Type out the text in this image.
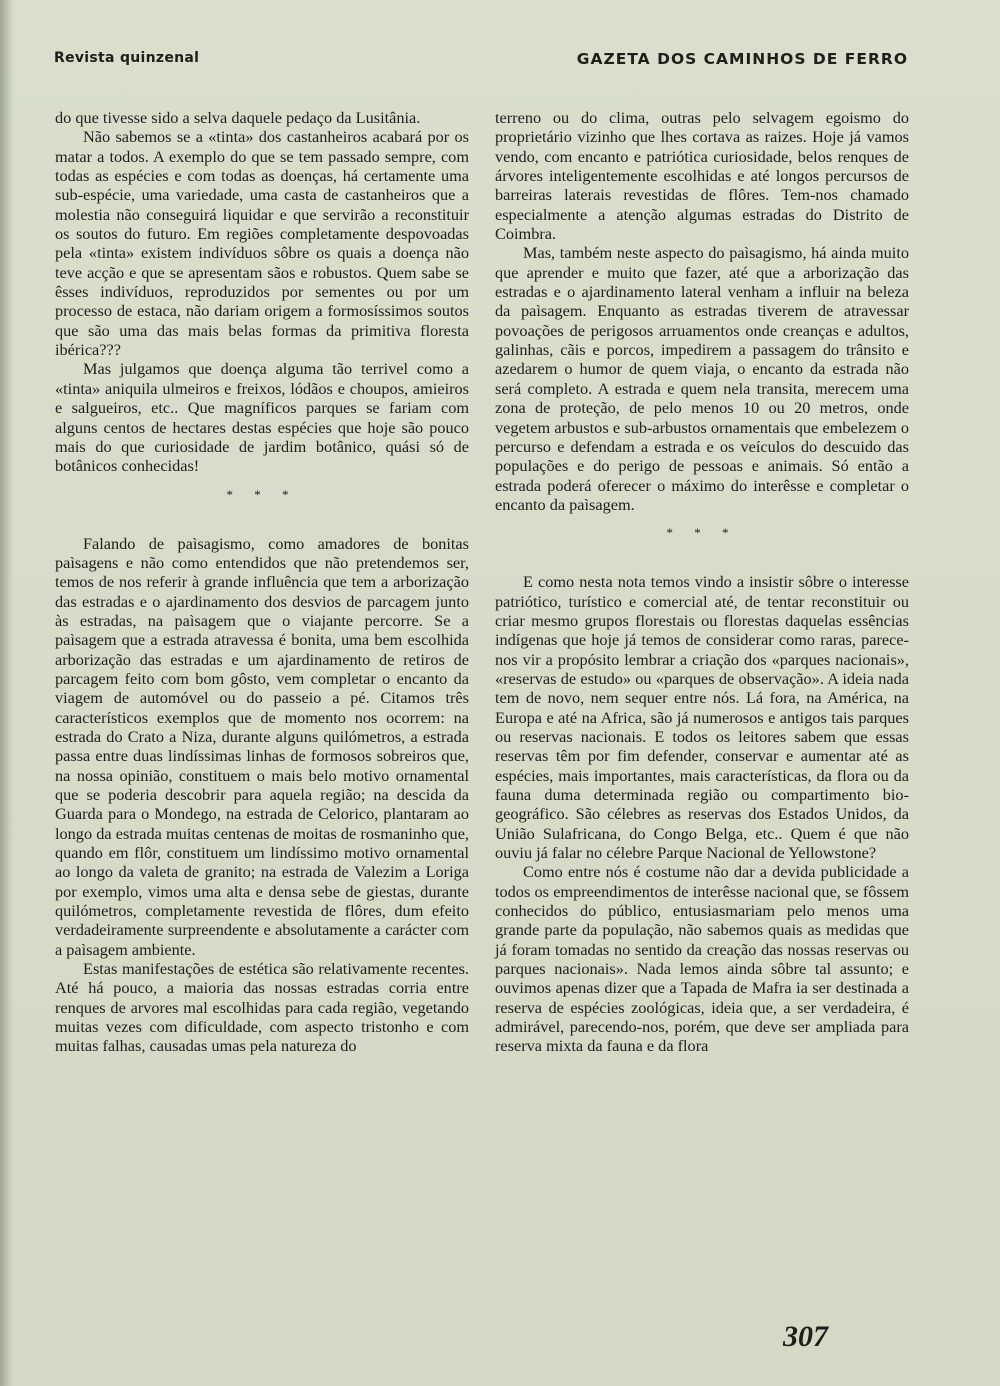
Revista quinzenal	GAZETA DOS CAMINHOS DE FERRO

do que tivesse sido a selva daquele pedaço da Lusitânia.

Não sabemos se a «tinta» dos castanheiros acabará por os matar a todos. A exemplo do que se tem passado sempre, com todas as espécies e com todas as doenças, há certamente uma sub-espécie, uma variedade, uma casta de castanheiros que a molestia não conseguirá liquidar e que servirão a reconstituir os soutos do futuro. Em regiões completamente despovoadas pela «tinta» existem indivíduos sôbre os quais a doença não teve acção e que se apresentam sãos e robustos. Quem sabe se êsses indivíduos, reproduzidos por sementes ou por um processo de estaca, não dariam origem a formosíssimos soutos que são uma das mais belas formas da primitiva floresta ibérica???

Mas julgamos que doença alguma tão terrivel como a «tinta» aniquila ulmeiros e freixos, lódãos e choupos, amieiros e salgueiros, etc.. Que magníficos parques se fariam com alguns centos de hectares destas espécies que hoje são pouco mais do que curiosidade de jardim botânico, quási só de botânicos conhecidas!

* * *

Falando de paìsagismo, como amadores de bonitas paìsagens e não como entendidos que não pretendemos ser, temos de nos referir à grande influência que tem a arborização das estradas e o ajardinamento dos desvios de parcagem junto às estradas, na paìsagem que o viajante percorre. Se a paìsagem que a estrada atravessa é bonita, uma bem escolhida arborização das estradas e um ajardinamento de retiros de parcagem feito com bom gôsto, vem completar o encanto da viagem de automóvel ou do passeio a pé. Citamos três característicos exemplos que de momento nos ocorrem: na estrada do Crato a Niza, durante alguns quilómetros, a estrada passa entre duas lindíssimas linhas de formosos sobreiros que, na nossa opinião, constituem o mais belo motivo ornamental que se poderia descobrir para aquela região; na descida da Guarda para o Mondego, na estrada de Celorico, plantaram ao longo da estrada muitas centenas de moitas de rosmaninho que, quando em flôr, constituem um lindíssimo motivo ornamental ao longo da valeta de granito; na estrada de Valezim a Loriga por exemplo, vimos uma alta e densa sebe de giestas, durante quilómetros, completamente revestida de flôres, dum efeito verdadeiramente surpreendente e absolutamente a carácter com a paìsagem ambiente.

Estas manifestações de estética são relativamente recentes. Até há pouco, a maioria das nossas estradas corria entre renques de arvores mal escolhidas para cada região, vegetando muitas vezes com dificuldade, com aspecto tristonho e com muitas falhas, causadas umas pela natureza do

terreno ou do clima, outras pelo selvagem egoismo do proprietário vizinho que lhes cortava as raizes. Hoje já vamos vendo, com encanto e patriótica curiosidade, belos renques de árvores inteligentemente escolhidas e até longos percursos de barreiras laterais revestidas de flôres. Tem-nos chamado especialmente a atenção algumas estradas do Distrito de Coimbra.

Mas, também neste aspecto do paìsagismo, há ainda muito que aprender e muito que fazer, até que a arborização das estradas e o ajardinamento lateral venham a influir na beleza da paìsagem. Enquanto as estradas tiverem de atravessar povoações de perigosos arruamentos onde creanças e adultos, galinhas, cãis e porcos, impedirem a passagem do trânsito e azedarem o humor de quem viaja, o encanto da estrada não será completo. A estrada e quem nela transita, merecem uma zona de proteção, de pelo menos 10 ou 20 metros, onde vegetem arbustos e sub-arbustos ornamentais que embelezem o percurso e defendam a estrada e os veículos do descuido das populações e do perigo de pessoas e animais. Só então a estrada poderá oferecer o máximo do interêsse e completar o encanto da paìsagem.

* * *

E como nesta nota temos vindo a insistir sôbre o interesse patriótico, turístico e comercial até, de tentar reconstituir ou criar mesmo grupos florestais ou florestas daquelas essências indígenas que hoje já temos de considerar como raras, parece-nos vir a propósito lembrar a criação dos «parques nacionais», «reservas de estudo» ou «parques de observação». A ideia nada tem de novo, nem sequer entre nós. Lá fora, na América, na Europa e até na Africa, são já numerosos e antigos tais parques ou reservas nacionais. E todos os leitores sabem que essas reservas têm por fim defender, conservar e aumentar até as espécies, mais importantes, mais características, da flora ou da fauna duma determinada região ou compartimento bio-geográfico. São célebres as reservas dos Estados Unidos, da União Sulafricana, do Congo Belga, etc.. Quem é que não ouviu já falar no célebre Parque Nacional de Yellowstone?

Como entre nós é costume não dar a devida publicidade a todos os empreendimentos de interêsse nacional que, se fôssem conhecidos do público, entusiasmariam pelo menos uma grande parte da população, não sabemos quais as medidas que já foram tomadas no sentido da creação das nossas reservas ou parques nacionais». Nada lemos ainda sôbre tal assunto; e ouvimos apenas dizer que a Tapada de Mafra ia ser destinada a reserva de espécies zoológicas, ideia que, a ser verdadeira, é admirável, parecendo-nos, porém, que deve ser ampliada para reserva mixta da fauna e da flora

307
